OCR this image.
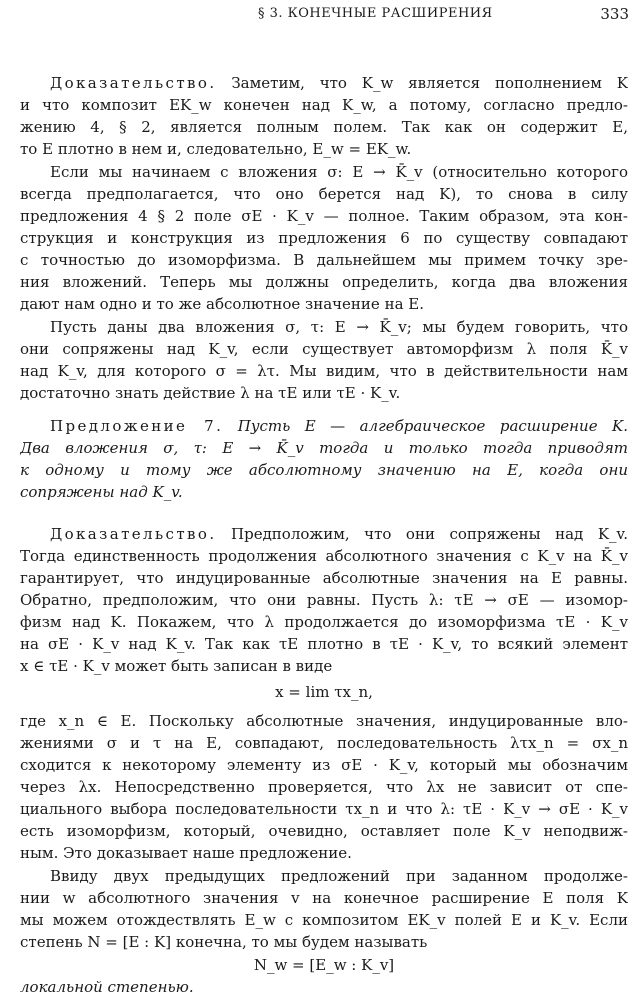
§ 3. КОНЕЧНЫЕ РАСШИРЕНИЯ	333
Доказательство. Заметим, что K_w является пополнением K
и что композит EK_w конечен над K_w, а потому, согласно предло-
жению 4, § 2, является полным полем. Так как он содержит E,
то E плотно в нем и, следовательно, E_w = EK_w.
Если мы начинаем с вложения σ: E → K̄_v (относительно которого
всегда предполагается, что оно берется над K), то снова в силу
предложения 4 § 2 поле σE · K_v — полное. Таким образом, эта кон-
струкция и конструкция из предложения 6 по существу совпадают
с точностью до изоморфизма. В дальнейшем мы примем точку зре-
ния вложений. Теперь мы должны определить, когда два вложения
дают нам одно и то же абсолютное значение на E.
Пусть даны два вложения σ, τ: E → K̄_v; мы будем говорить, что
они сопряжены над K_v, если существует автоморфизм λ поля K̄_v
над K_v, для которого σ = λτ. Мы видим, что в действительности нам
достаточно знать действие λ на τE или τE · K_v.
Предложение 7. Пусть E — алгебраическое расширение K.
Два вложения σ, τ: E → K̄_v тогда и только тогда приводят
к одному и тому же абсолютному значению на E, когда они
сопряжены над K_v.
Доказательство. Предположим, что они сопряжены над K_v.
Тогда единственность продолжения абсолютного значения с K_v на K̄_v
гарантирует, что индуцированные абсолютные значения на E равны.
Обратно, предположим, что они равны. Пусть λ: τE → σE — изомор-
физм над K. Покажем, что λ продолжается до изоморфизма τE · K_v
на σE · K_v над K_v. Так как τE плотно в τE · K_v, то всякий элемент
x ∈ τE · K_v может быть записан в виде
x = lim τx_n,
где x_n ∈ E. Поскольку абсолютные значения, индуцированные вло-
жениями σ и τ на E, совпадают, последовательность λτx_n = σx_n
сходится к некоторому элементу из σE · K_v, который мы обозначим
через λx. Непосредственно проверяется, что λx не зависит от спе-
циального выбора последовательности τx_n и что λ: τE · K_v → σE · K_v
есть изоморфизм, который, очевидно, оставляет поле K_v неподвиж-
ным. Это доказывает наше предложение.
Ввиду двух предыдущих предложений при заданном продолже-
нии w абсолютного значения v на конечное расширение E поля K
мы можем отождествлять E_w с композитом EK_v полей E и K_v. Если
степень N = [E : K] конечна, то мы будем называть
N_w = [E_w : K_v]
локальной степенью.
